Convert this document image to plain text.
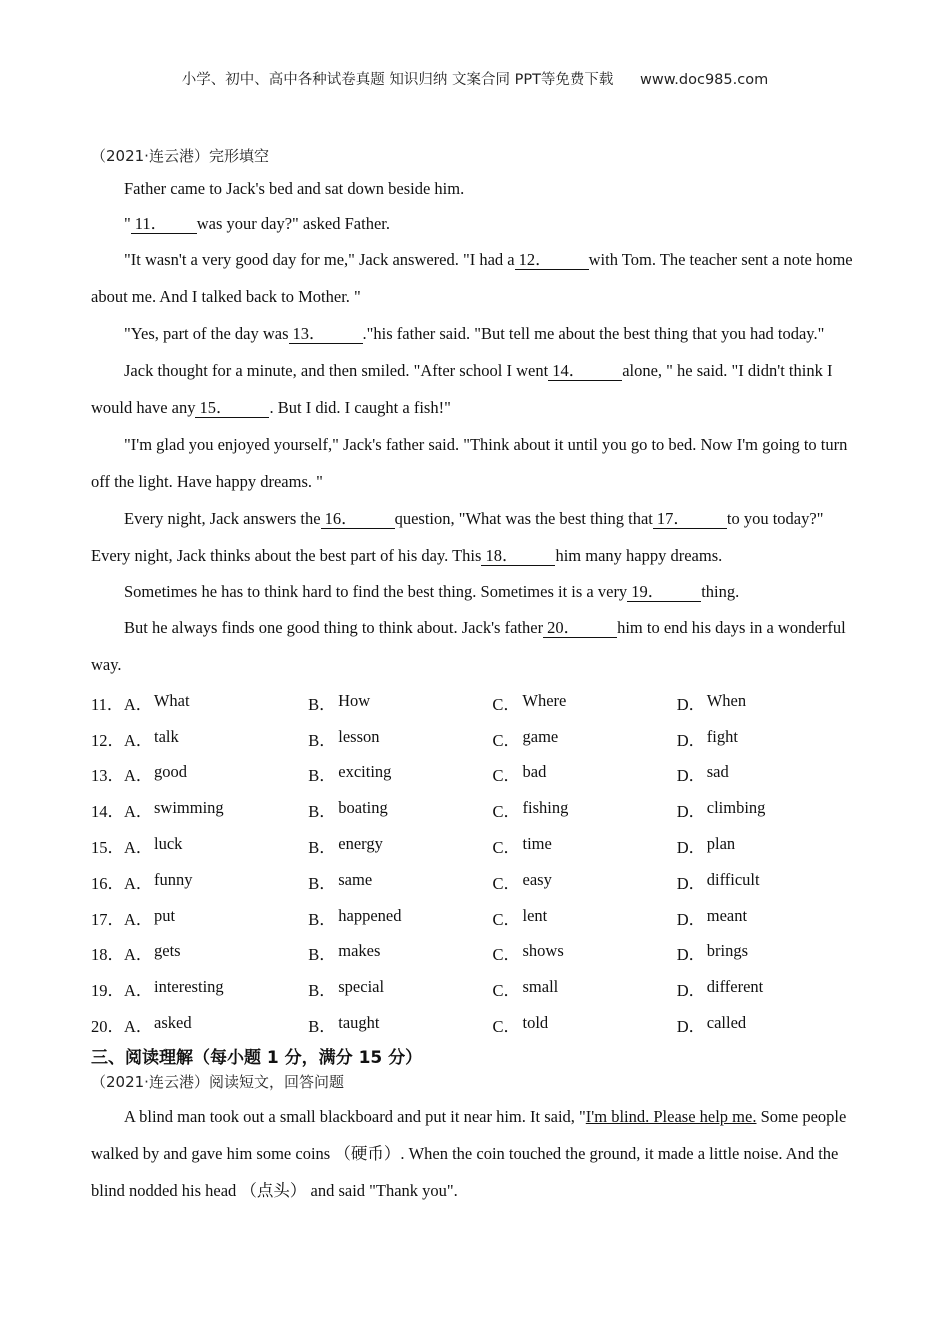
小学、初中、高中各种试卷真题 知识归纳 文案合同 PPT等免费下载 www.doc985.com
（2021·连云港）完形填空

Father came to Jack's bed and sat down beside him.

" 11． was your day?" asked Father.

"It wasn't a very good day for me," Jack answered. "I had a 12． with Tom. The teacher sent a note home about me. And I talked back to Mother. "

"Yes, part of the day was 13． ."his father said. "But tell me about the best thing that you had today."

Jack thought for a minute, and then smiled. "After school I went 14． alone, " he said. "I didn't think I would have any 15． . But I did. I caught a fish!"

"I'm glad you enjoyed yourself," Jack's father said. "Think about it until you go to bed. Now I'm going to turn off the light. Have happy dreams. "

Every night, Jack answers the 16． question, "What was the best thing that 17． to you today?" Every night, Jack thinks about the best part of his day. This 18． him many happy dreams.

Sometimes he has to think hard to find the best thing. Sometimes it is a very 19． thing.

But he always finds one good thing to think about. Jack's father 20． him to end his days in a wonderful way.

11． A． What	B． How	C． Where	D． When
12． A． talk	B． lesson	C． game	D． fight
13． A． good	B． exciting	C． bad	D． sad
14． A． swimming	B． boating	C． fishing	D． climbing
15． A． luck	B． energy	C． time	D． plan
16． A． funny	B． same	C． easy	D． difficult
17． A． put	B． happened	C． lent	D． meant
18． A． gets	B． makes	C． shows	D． brings
19． A． interesting	B． special	C． small	D． different
20． A． asked	B． taught	C． told	D． called
三、阅读理解（每小题 1 分，满分 15 分）
（2021·连云港）阅读短文，回答问题

A blind man took out a small blackboard and put it near him. It said, "I'm blind. Please help me. Some people walked by and gave him some coins （硬币）. When the coin touched the ground, it made a little noise. And the blind nodded his head （点头） and said "Thank you".
